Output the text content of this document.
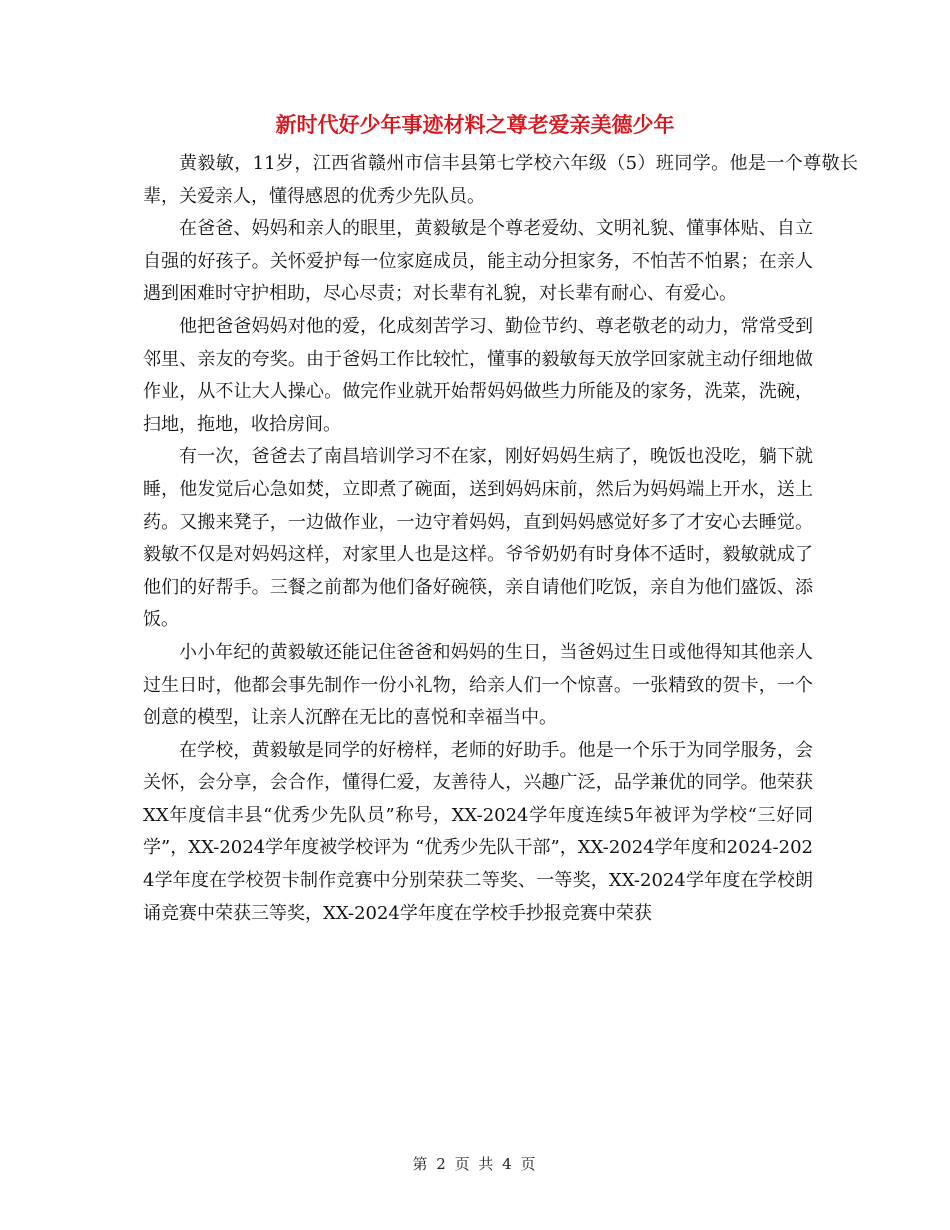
新时代好少年事迹材料之尊老爱亲美德少年

黄毅敏，11岁，江西省赣州市信丰县第七学校六年级（5）班同学。他是一个尊敬长辈，关爱亲人，懂得感恩的优秀少先队员。

在爸爸、妈妈和亲人的眼里，黄毅敏是个尊老爱幼、文明礼貌、懂事体贴、自立自强的好孩子。关怀爱护每一位家庭成员，能主动分担家务，不怕苦不怕累；在亲人遇到困难时守护相助，尽心尽责；对长辈有礼貌，对长辈有耐心、有爱心。

他把爸爸妈妈对他的爱，化成刻苦学习、勤俭节约、尊老敬老的动力，常常受到邻里、亲友的夸奖。由于爸妈工作比较忙，懂事的毅敏每天放学回家就主动仔细地做作业，从不让大人操心。做完作业就开始帮妈妈做些力所能及的家务，洗菜，洗碗，扫地，拖地，收拾房间。

有一次，爸爸去了南昌培训学习不在家，刚好妈妈生病了，晚饭也没吃，躺下就睡，他发觉后心急如焚，立即煮了碗面，送到妈妈床前，然后为妈妈端上开水，送上药。又搬来凳子，一边做作业，一边守着妈妈，直到妈妈感觉好多了才安心去睡觉。毅敏不仅是对妈妈这样，对家里人也是这样。爷爷奶奶有时身体不适时，毅敏就成了他们的好帮手。三餐之前都为他们备好碗筷，亲自请他们吃饭，亲自为他们盛饭、添饭。

小小年纪的黄毅敏还能记住爸爸和妈妈的生日，当爸妈过生日或他得知其他亲人过生日时，他都会事先制作一份小礼物，给亲人们一个惊喜。一张精致的贺卡，一个创意的模型，让亲人沉醉在无比的喜悦和幸福当中。

在学校，黄毅敏是同学的好榜样，老师的好助手。他是一个乐于为同学服务，会关怀，会分享，会合作，懂得仁爱，友善待人，兴趣广泛，品学兼优的同学。他荣获XX年度信丰县“优秀少先队员”称号，XX-2024学年度连续5年被评为学校“三好同学”，XX-2024学年度被学校评为 “优秀少先队干部”，XX-2024学年度和2024-2024学年度在学校贺卡制作竞赛中分别荣获二等奖、一等奖，XX-2024学年度在学校朗诵竞赛中荣获三等奖，XX-2024学年度在学校手抄报竞赛中荣获

第 2 页 共 4 页
